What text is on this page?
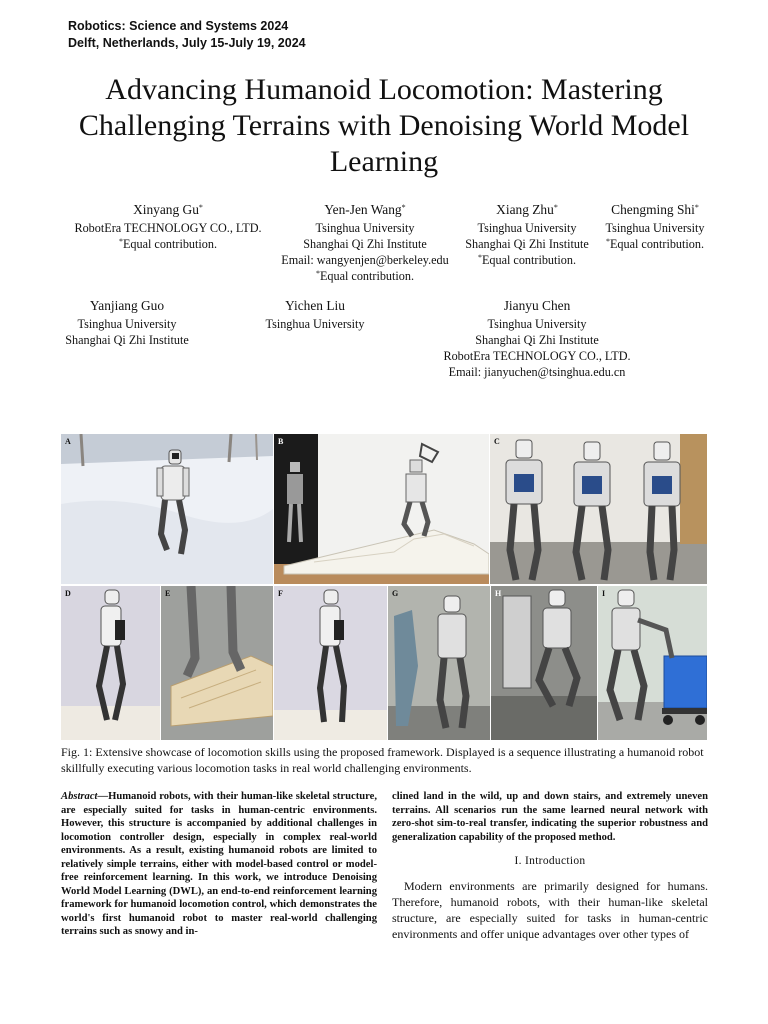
Robotics: Science and Systems 2024
Delft, Netherlands, July 15-July 19, 2024
Advancing Humanoid Locomotion: Mastering Challenging Terrains with Denoising World Model Learning
Xinyang Gu*
RobotEra TECHNOLOGY CO., LTD.
*Equal contribution.
Yen-Jen Wang*
Tsinghua University
Shanghai Qi Zhi Institute
Email: wangyenjen@berkeley.edu
*Equal contribution.
Xiang Zhu*
Tsinghua University
Shanghai Qi Zhi Institute
*Equal contribution.
Chengming Shi*
Tsinghua University
*Equal contribution.
Yanjiang Guo
Tsinghua University
Shanghai Qi Zhi Institute
Yichen Liu
Tsinghua University
Jianyu Chen
Tsinghua University
Shanghai Qi Zhi Institute
RobotEra TECHNOLOGY CO., LTD.
Email: jianyuchen@tsinghua.edu.cn
A	B	C
D	E	F	G	H	I
Fig. 1: Extensive showcase of locomotion skills using the proposed framework. Displayed is a sequence illustrating a humanoid robot skillfully executing various locomotion tasks in real world challenging environments.
Abstract—Humanoid robots, with their human-like skeletal structure, are especially suited for tasks in human-centric environments. However, this structure is accompanied by additional challenges in locomotion controller design, especially in complex real-world environments. As a result, existing humanoid robots are limited to relatively simple terrains, either with model-based control or model-free reinforcement learning. In this work, we introduce Denoising World Model Learning (DWL), an end-to-end reinforcement learning framework for humanoid locomotion control, which demonstrates the world's first humanoid robot to master real-world challenging terrains such as snowy and in-
clined land in the wild, up and down stairs, and extremely uneven terrains. All scenarios run the same learned neural network with zero-shot sim-to-real transfer, indicating the superior robustness and generalization capability of the proposed method.
I. Introduction
Modern environments are primarily designed for humans. Therefore, humanoid robots, with their human-like skeletal structure, are especially suited for tasks in human-centric environments and offer unique advantages over other types of
